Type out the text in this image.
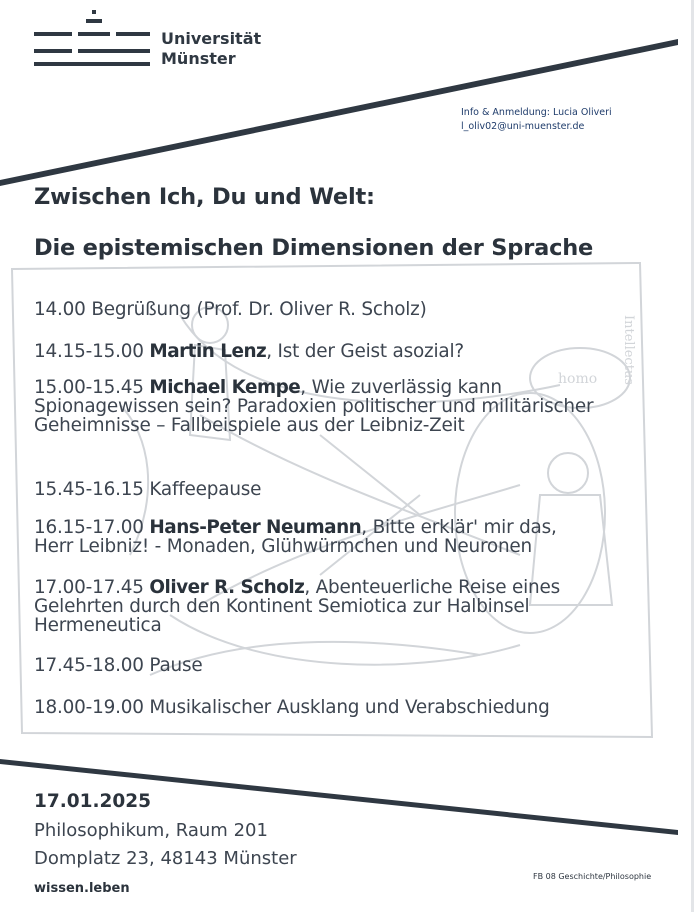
Universität
Münster
Info & Anmeldung: Lucia Oliveri
l_oliv02@uni-muenster.de
Zwischen Ich, Du und Welt:
Die epistemischen Dimensionen der Sprache
homo Intellectus
14.00 Begrüßung (Prof. Dr. Oliver R. Scholz)
14.15-15.00 Martin Lenz, Ist der Geist asozial?
15.00-15.45 Michael Kempe, Wie zuverlässig kann Spionagewissen sein? Paradoxien politischer und militärischer Geheimnisse – Fallbeispiele aus der Leibniz-Zeit
15.45-16.15 Kaffeepause
16.15-17.00 Hans-Peter Neumann, Bitte erklär' mir das, Herr Leibniz! - Monaden, Glühwürmchen und Neuronen
17.00-17.45 Oliver R. Scholz, Abenteuerliche Reise eines Gelehrten durch den Kontinent Semiotica zur Halbinsel Hermeneutica
17.45-18.00 Pause
18.00-19.00 Musikalischer Ausklang und Verabschiedung
17.01.2025
Philosophikum, Raum 201
Domplatz 23, 48143 Münster
wissen.leben
FB 08 Geschichte/Philosophie
